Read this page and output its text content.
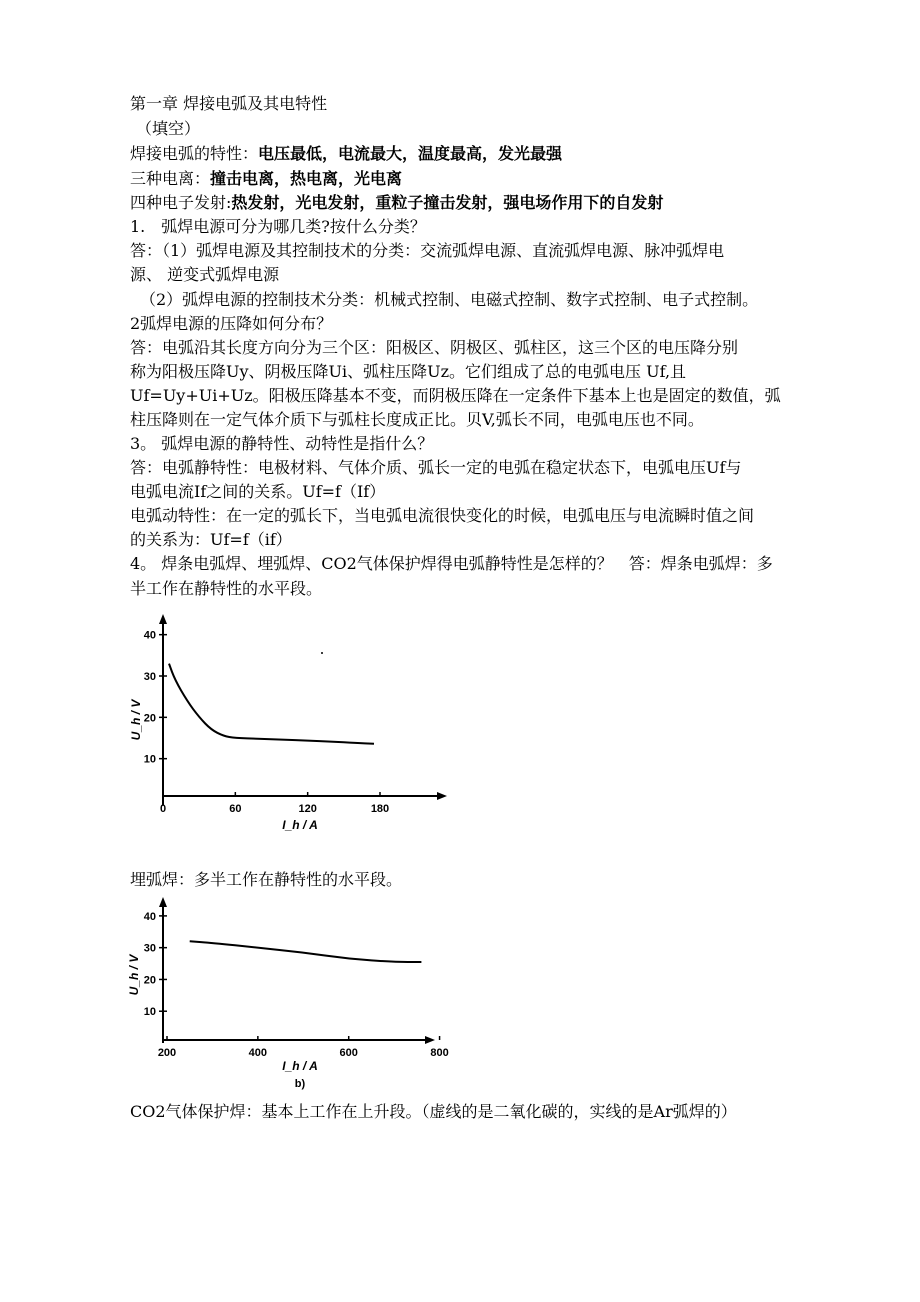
第一章 焊接电弧及其电特性
（填空）
焊接电弧的特性：电压最低，电流最大，温度最高，发光最强
三种电离：撞击电离，热电离，光电离
四种电子发射:热发射，光电发射，重粒子撞击发射，强电场作用下的自发射
1.　弧焊电源可分为哪几类?按什么分类？
答：（1）弧焊电源及其控制技术的分类：交流弧焊电源、直流弧焊电源、脉冲弧焊电
源、 逆变式弧焊电源
（2）弧焊电源的控制技术分类：机械式控制、电磁式控制、数字式控制、电子式控制。
2弧焊电源的压降如何分布？
答：电弧沿其长度方向分为三个区：阳极区、阴极区、弧柱区，这三个区的电压降分别
称为阳极压降Uy、阴极压降Ui、弧柱压降Uz。它们组成了总的电弧电压 Uf,且
Uf=Uy+Ui+Uz。阳极压降基本不变，而阴极压降在一定条件下基本上也是固定的数值，弧
柱压降则在一定气体介质下与弧柱长度成正比。贝V,弧长不同，电弧电压也不同。
3。 弧焊电源的静特性、动特性是指什么？
答：电弧静特性：电极材料、气体介质、弧长一定的电弧在稳定状态下，电弧电压Uf与
电弧电流If之间的关系。Uf=f（If）
电弧动特性：在一定的弧长下，当电弧电流很快变化的时候，电弧电压与电流瞬时值之间
的关系为：Uf=f（if）
4。 焊条电弧焊、埋弧焊、CO2气体保护焊得电弧静特性是怎样的？　答：焊条电弧焊：多
半工作在静特性的水平段。
10
20
30
40
0	60	120	180
U_h / V
I_h / A
埋弧焊：多半工作在静特性的水平段。
10
20
30
40
200	400	600	800
U_h / V
I_h / A
b)
CO2气体保护焊：基本上工作在上升段。（虚线的是二氧化碳的，实线的是Ar弧焊的）
